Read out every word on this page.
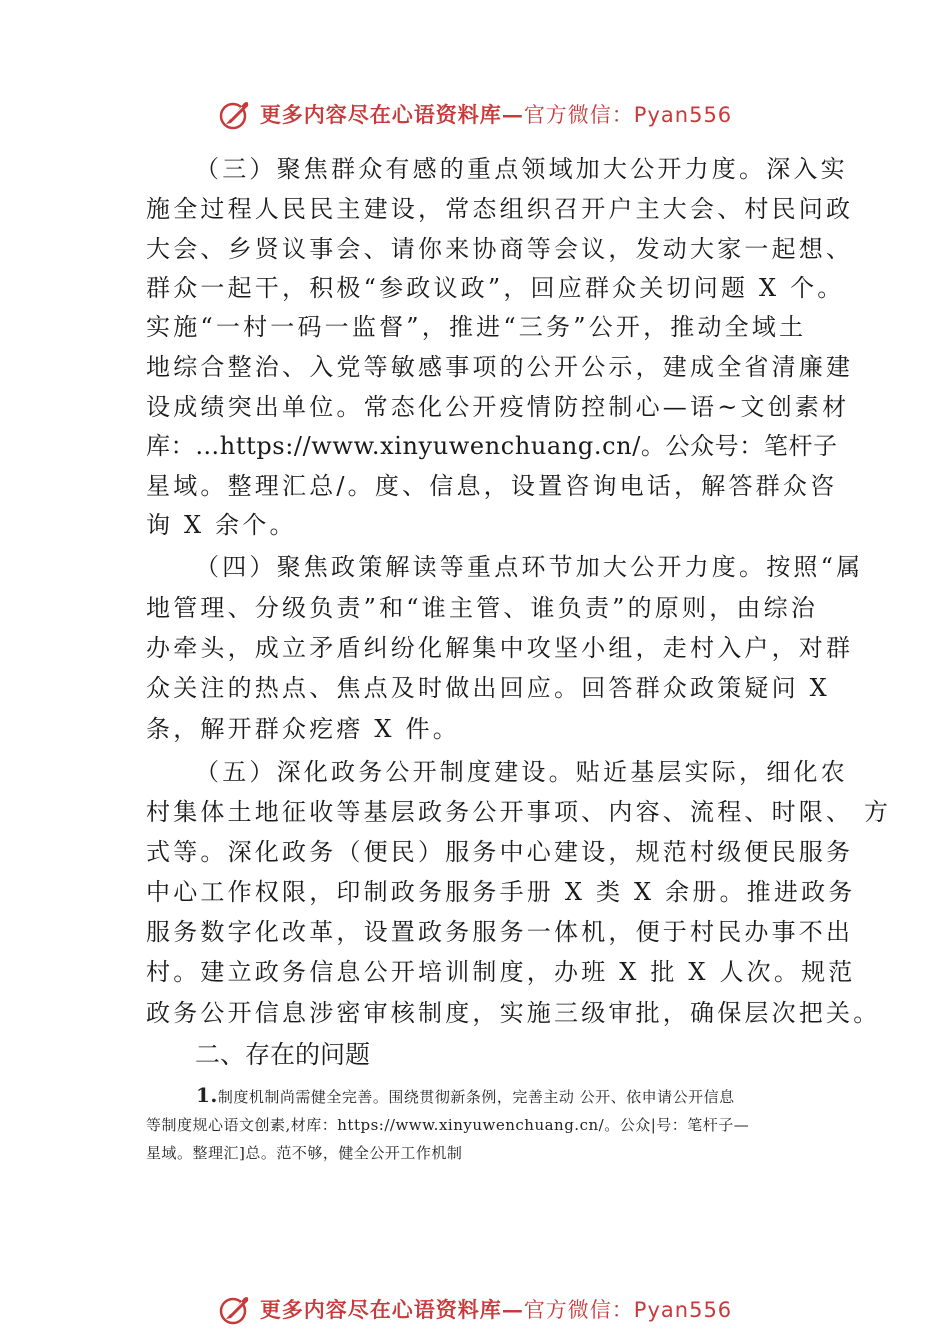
更多内容尽在心语资料库—官方微信：Pyan556
（三）聚焦群众有感的重点领域加大公开力度。深入实
施全过程人民民主建设，常态组织召开户主大会、村民问政
大会、乡贤议事会、请你来协商等会议，发动大家一起想、
群众一起干，积极“参政议政”，回应群众关切问题 X 个。
实施“一村一码一监督”，推进“三务”公开，推动全域土
地综合整治、入党等敏感事项的公开公示，建成全省清廉建
设成绩突出单位。常态化公开疫情防控制心—语~文创素材
库：…https://www.xinyuwenchuang.cn/。公众号：笔杆子
星域。整理汇总/。度、信息，设置咨询电话，解答群众咨
询 X 余个。
（四）聚焦政策解读等重点环节加大公开力度。按照“属
地管理、分级负责”和“谁主管、谁负责”的原则，由综治
办牵头，成立矛盾纠纷化解集中攻坚小组，走村入户，对群
众关注的热点、焦点及时做出回应。回答群众政策疑问 X
条，解开群众疙瘩 X 件。
（五）深化政务公开制度建设。贴近基层实际，细化农
村集体土地征收等基层政务公开事项、内容、流程、时限、 方
式等。深化政务（便民）服务中心建设，规范村级便民服务
中心工作权限，印制政务服务手册 X 类 X 余册。推进政务
服务数字化改革，设置政务服务一体机，便于村民办事不出
村。建立政务信息公开培训制度，办班 X 批 X 人次。规范
政务公开信息涉密审核制度，实施三级审批，确保层次把关。
二、存在的问题
1.制度机制尚需健全完善。围绕贯彻新条例，完善主动 公开、依申请公开信息
等制度规心语文创素,材库：https://www.xinyuwenchuang.cn/。公众|号：笔杆子—
星域。整理汇]总。范不够，健全公开工作机制
更多内容尽在心语资料库—官方微信：Pyan556
